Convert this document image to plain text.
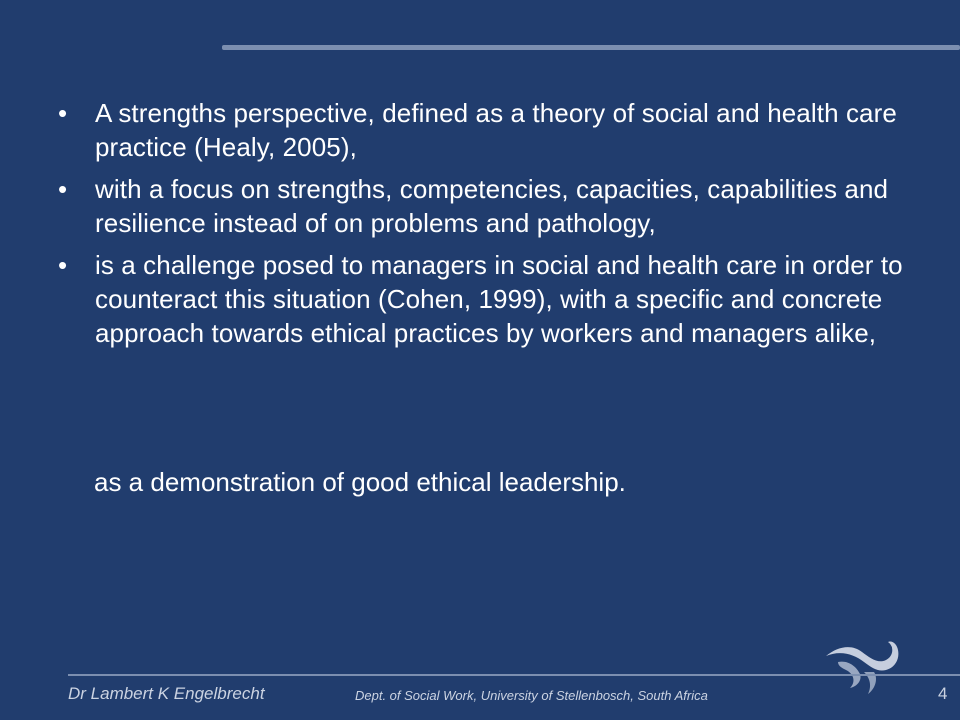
• A strengths perspective, defined as a theory of social and health care practice (Healy, 2005),
• with a focus on strengths, competencies, capacities, capabilities and resilience instead of on problems and pathology,
• is a challenge posed to managers in social and health care in order to counteract this situation (Cohen, 1999), with a specific and concrete approach towards ethical practices by workers and managers alike,
as a demonstration of good ethical leadership.
Dr Lambert K Engelbrecht	Dept. of Social Work, University of Stellenbosch, South Africa	4
